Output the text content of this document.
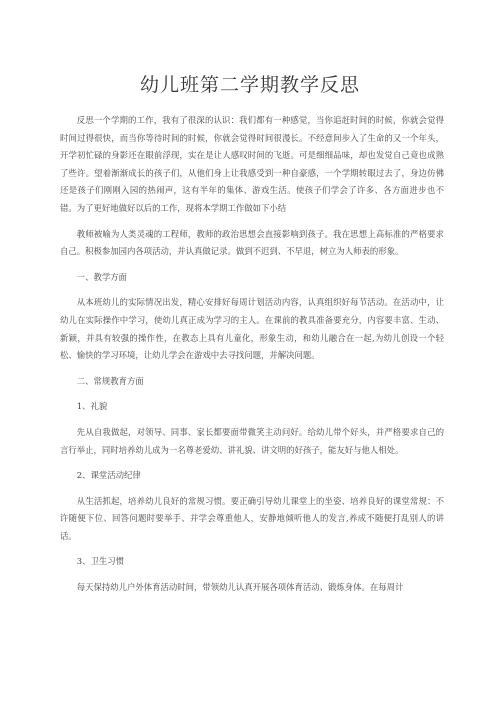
幼儿班第二学期教学反思

反思一个学期的工作，我有了很深的认识：我们都有一种感觉，当你追赶时间的时候，你就会觉得时间过得很快，而当你等待时间的时候，你就会觉得时间很漫长。不经意间步入了生命的又一个年头，开学初忙碌的身影还在眼前浮现，实在是让人感叹时间的飞逝。可是细细品味，却也发觉自己竟也成熟了些许。望着渐渐成长的孩子们，从他们身上让我感受到一种自豪感，一个学期转眼过去了，身边仿佛还是孩子们刚刚入园的热闹声，这有半年的集体、游戏生活。使孩子们学会了许多、各方面进步也不错。为了更好地做好以后的工作，现将本学期工作做如下小结

教师被喻为人类灵魂的工程师，教师的政治思想会直接影响到孩子。我在思想上高标准的严格要求自己。积极参加园内各项活动，并认真做记录。做到不迟到、不早退，树立为人师表的形象。

一、教学方面

从本班幼儿的实际情况出发，精心安排好每周计划活动内容，认真组织好每节活动。在活动中，让幼儿在实际操作中学习，使幼儿真正成为学习的主人。在课前的教具准备要充分，内容要丰富、生动、新颖，并具有较强的操作性，在教态上具有儿童化，形象生动，和幼儿融合在一起,为幼儿创设一个轻松、愉快的学习环境，让幼儿学会在游戏中去寻找问题，并解决问题。

二、常规教育方面

1、礼貌

先从自我做起，对领导、同事、家长都要面带微笑主动问好。给幼儿带个好头，并严格要求自己的言行举止，同时培养幼儿成为一名尊老爱幼、讲礼貌、讲文明的好孩子，能友好与他人相处。

2、课堂活动纪律

从生活抓起，培养幼儿良好的常规习惯。要正确引导幼儿课堂上的坐姿、培养良好的课堂常规：不许随便下位、回答问题时要举手、并学会尊重他人，安静地倾听他人的发言,养成不随便打乱别人的讲话。

3、卫生习惯

每天保持幼儿户外体育活动时间，带领幼儿认真开展各项体育活动、锻炼身体。在每周计
